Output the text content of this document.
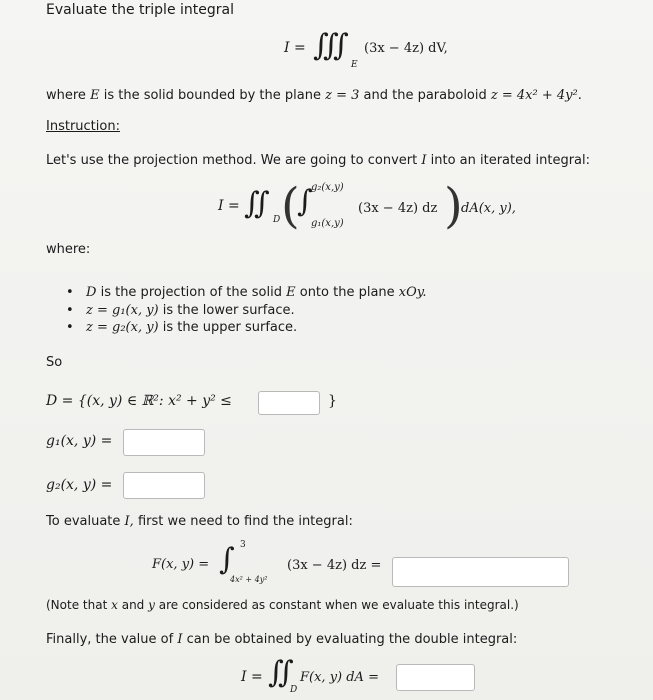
Evaluate the triple integral
I = ∭
E
(3x − 4z) dV,
where E is the solid bounded by the plane z = 3 and the paraboloid z = 4x² + 4y².
Instruction:
Let's use the projection method. We are going to convert I into an iterated integral:
I = ∬ D (
∫
g₂(x,y)
g₁(x,y)
(3x − 4z) dz )
dA(x, y),
where:
• D is the projection of the solid E onto the plane xOy.
• z = g₁(x, y) is the lower surface.
• z = g₂(x, y) is the upper surface.
So
D = {(x, y) ∈ ℝ²: x² + y² ≤	}
g₁(x, y) =
g₂(x, y) =
To evaluate I, first we need to find the integral:
F(x, y) = ∫ 3
4x² + 4y²
(3x − 4z) dz =
(Note that x and y are considered as constant when we evaluate this integral.)
Finally, the value of I can be obtained by evaluating the double integral:
I = ∬
D
F(x, y) dA =
